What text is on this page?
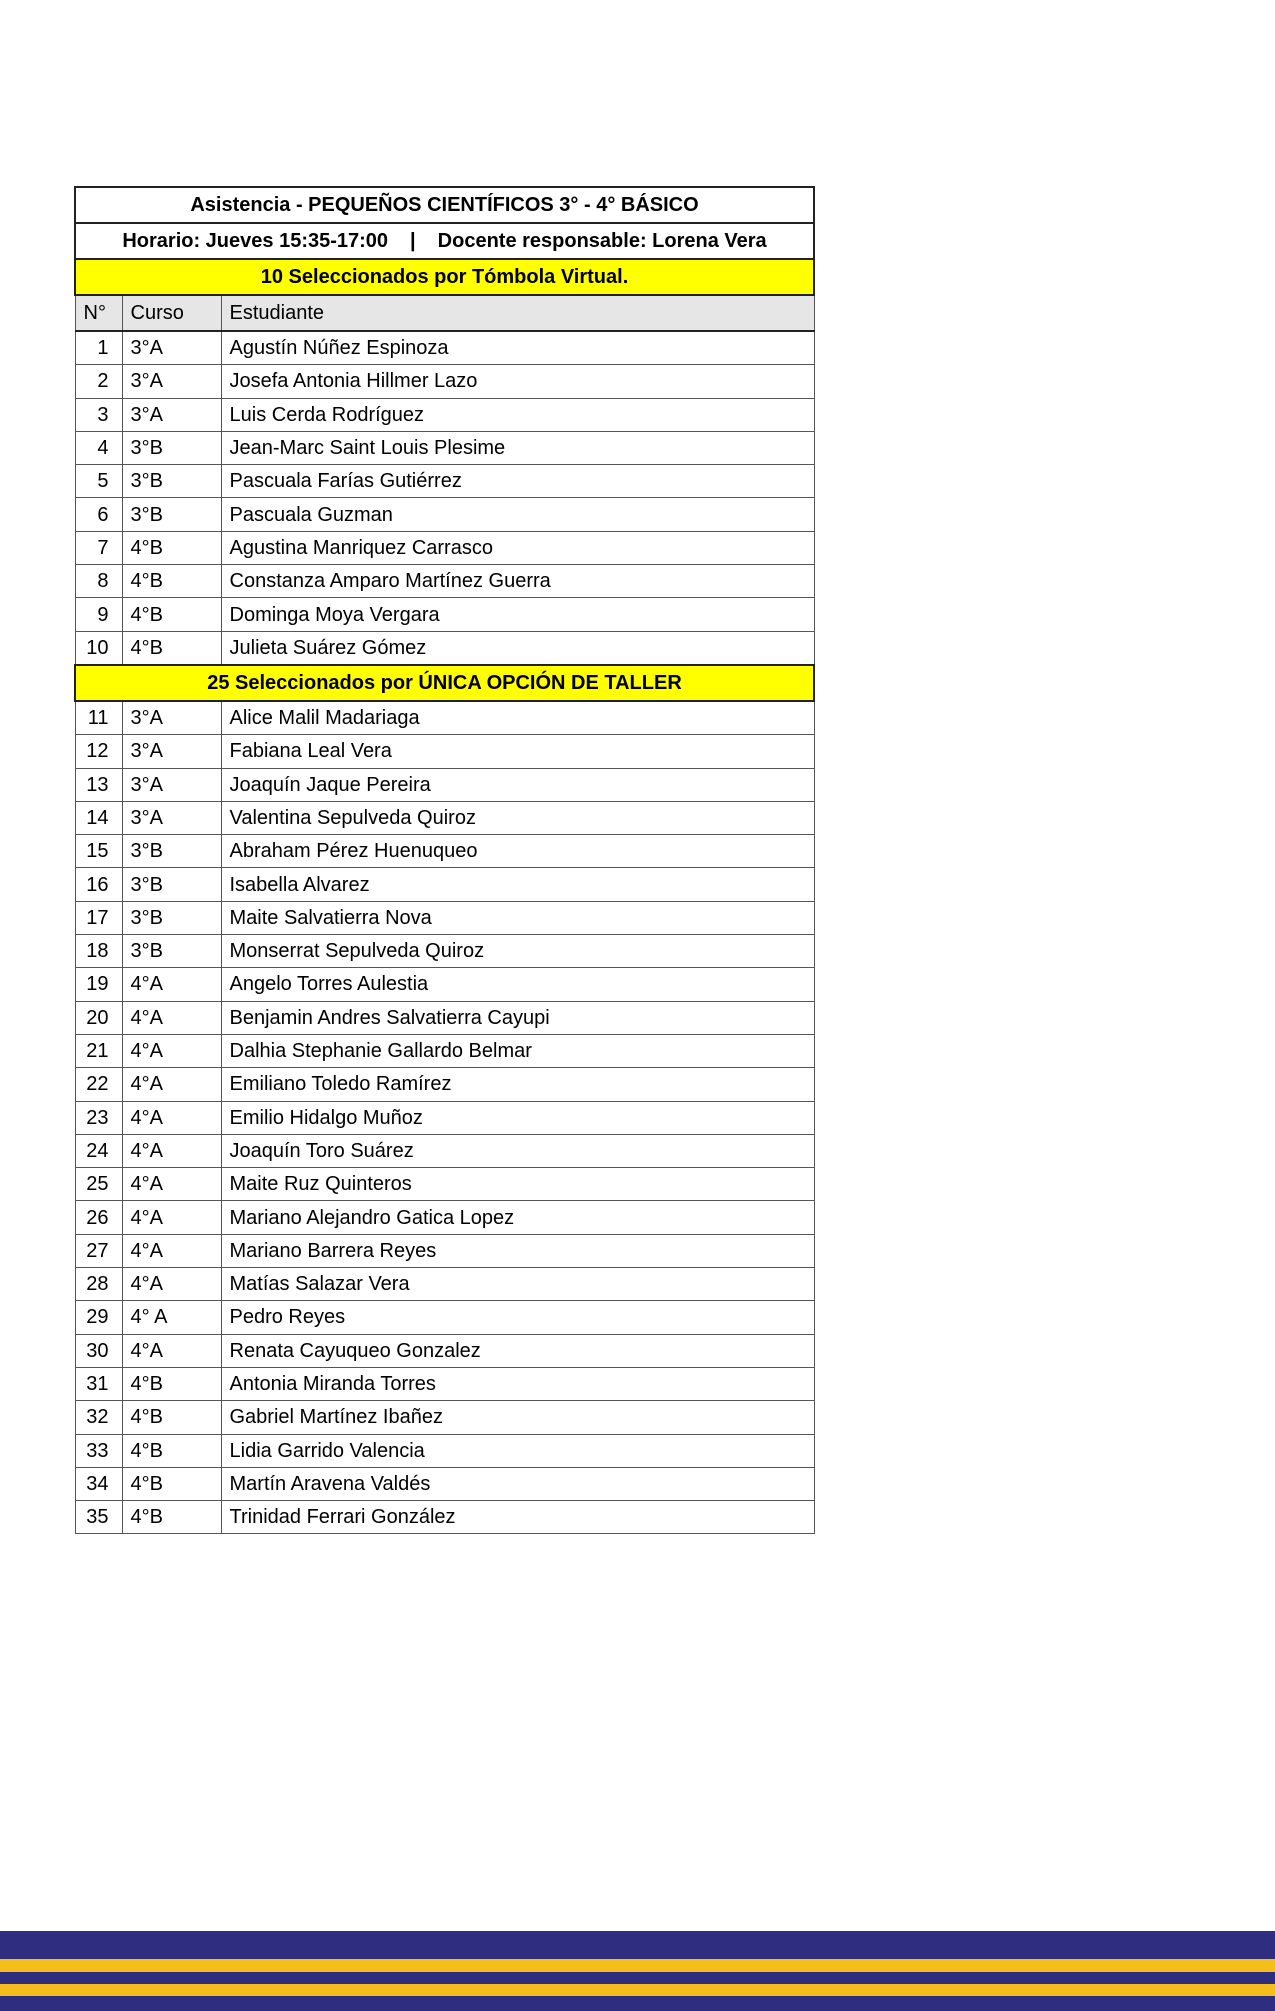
Asistencia - PEQUEÑOS CIENTÍFICOS 3° - 4° BÁSICO		
Horario: Jueves 15:35-17:00 | Docente responsable: Lorena Vera		
10 Seleccionados por Tómbola Virtual.		
N°	Curso	Estudiante
1	3°A	Agustín Núñez Espinoza
2	3°A	Josefa Antonia Hillmer Lazo
3	3°A	Luis Cerda Rodríguez
4	3°B	Jean-Marc Saint Louis Plesime
5	3°B	Pascuala Farías Gutiérrez
6	3°B	Pascuala Guzman
7	4°B	Agustina Manriquez Carrasco
8	4°B	Constanza Amparo Martínez Guerra
9	4°B	Dominga Moya Vergara
10	4°B	Julieta Suárez Gómez
25 Seleccionados por ÚNICA OPCIÓN DE TALLER		
11	3°A	Alice Malil Madariaga
12	3°A	Fabiana Leal Vera
13	3°A	Joaquín Jaque Pereira
14	3°A	Valentina Sepulveda Quiroz
15	3°B	Abraham Pérez Huenuqueo
16	3°B	Isabella Alvarez
17	3°B	Maite Salvatierra Nova
18	3°B	Monserrat Sepulveda Quiroz
19	4°A	Angelo Torres Aulestia
20	4°A	Benjamin Andres Salvatierra Cayupi
21	4°A	Dalhia Stephanie Gallardo Belmar
22	4°A	Emiliano Toledo Ramírez
23	4°A	Emilio Hidalgo Muñoz
24	4°A	Joaquín Toro Suárez
25	4°A	Maite Ruz Quinteros
26	4°A	Mariano Alejandro Gatica Lopez
27	4°A	Mariano Barrera Reyes
28	4°A	Matías Salazar Vera
29	4° A	Pedro Reyes
30	4°A	Renata Cayuqueo Gonzalez
31	4°B	Antonia Miranda Torres
32	4°B	Gabriel Martínez Ibañez
33	4°B	Lidia Garrido Valencia
34	4°B	Martín Aravena Valdés
35	4°B	Trinidad Ferrari González
